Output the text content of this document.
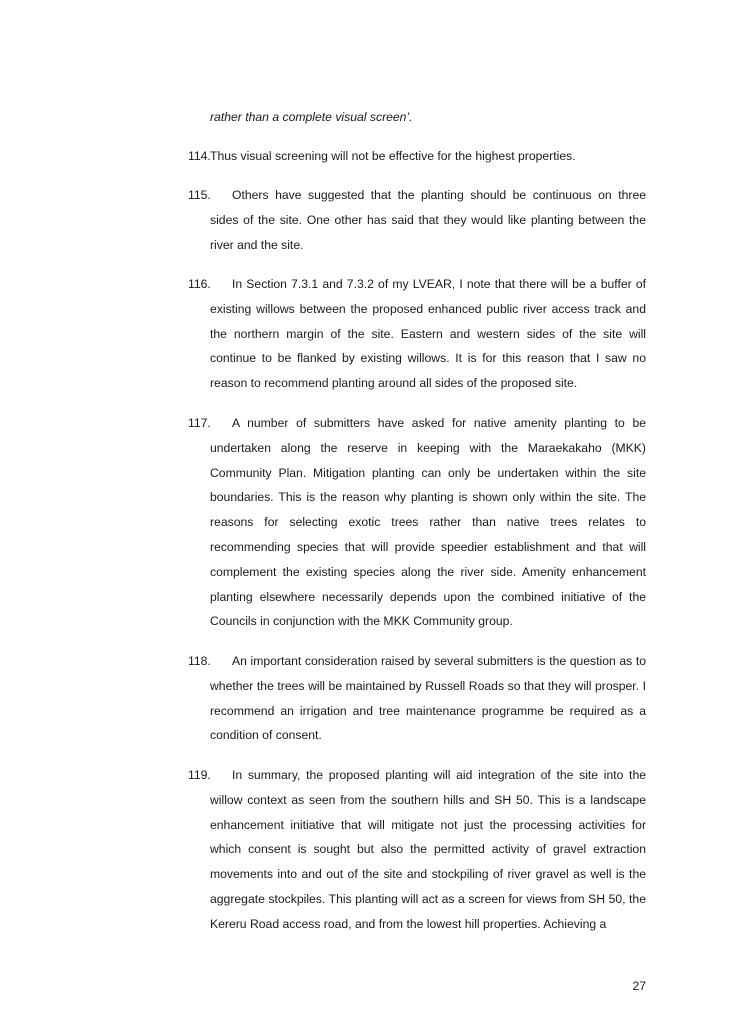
rather than a complete visual screen’.
114. Thus visual screening will not be effective for the highest properties.
115.	Others have suggested that the planting should be continuous on three sides of the site. One other has said that they would like planting between the river and the site.
116.	In Section 7.3.1 and 7.3.2 of my LVEAR, I note that there will be a buffer of existing willows between the proposed enhanced public river access track and the northern margin of the site. Eastern and western sides of the site will continue to be flanked by existing willows. It is for this reason that I saw no reason to recommend planting around all sides of the proposed site.
117.	A number of submitters have asked for native amenity planting to be undertaken along the reserve in keeping with the Maraekakaho (MKK) Community Plan. Mitigation planting can only be undertaken within the site boundaries. This is the reason why planting is shown only within the site. The reasons for selecting exotic trees rather than native trees relates to recommending species that will provide speedier establishment and that will complement the existing species along the river side. Amenity enhancement planting elsewhere necessarily depends upon the combined initiative of the Councils in conjunction with the MKK Community group.
118.	An important consideration raised by several submitters is the question as to whether the trees will be maintained by Russell Roads so that they will prosper. I recommend an irrigation and tree maintenance programme be required as a condition of consent.
119.	In summary, the proposed planting will aid integration of the site into the willow context as seen from the southern hills and SH 50. This is a landscape enhancement initiative that will mitigate not just the processing activities for which consent is sought but also the permitted activity of gravel extraction movements into and out of the site and stockpiling of river gravel as well is the aggregate stockpiles. This planting will act as a screen for views from SH 50, the Kereru Road access road, and from the lowest hill properties. Achieving a
27
